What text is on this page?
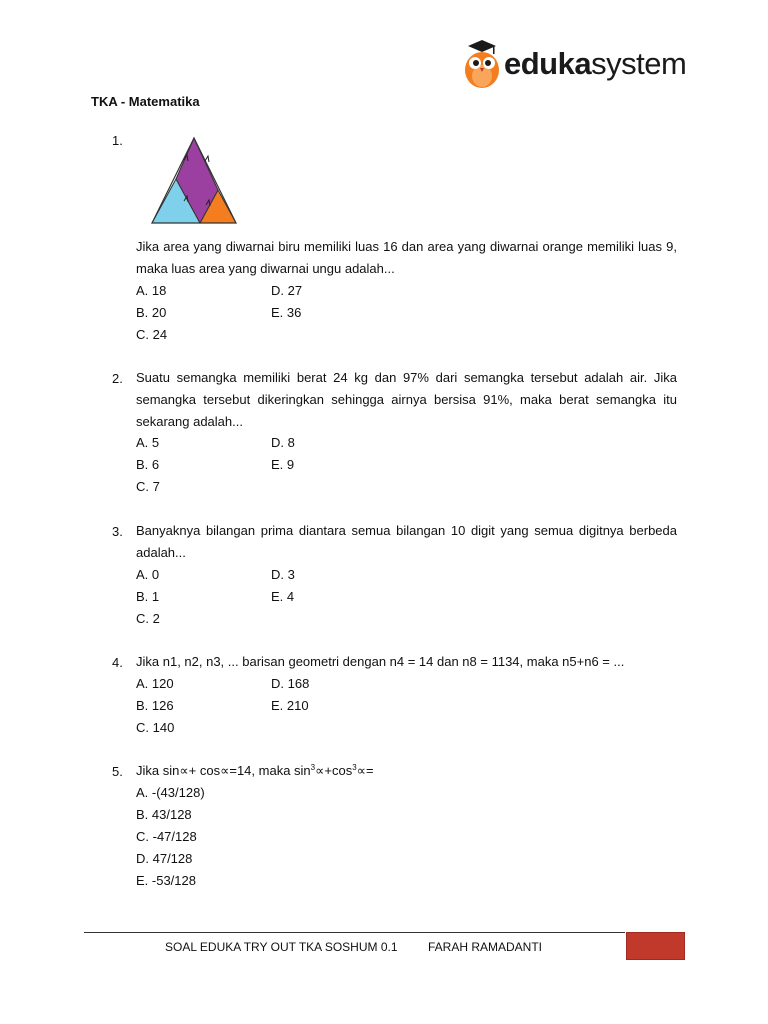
edukasystem
TKA - Matematika
1.
Jika area yang diwarnai biru memiliki luas 16 dan area yang diwarnai orange memiliki luas 9, maka luas area yang diwarnai ungu adalah...
A. 18	D. 27
B. 20	E. 36
C. 24
2. Suatu semangka memiliki berat 24 kg dan 97% dari semangka tersebut adalah air. Jika semangka tersebut dikeringkan sehingga airnya bersisa 91%, maka berat semangka itu sekarang adalah...
A. 5	D. 8
B. 6	E. 9
C. 7
3. Banyaknya bilangan prima diantara semua bilangan 10 digit yang semua digitnya berbeda adalah...
A. 0	D. 3
B. 1	E. 4
C. 2
4. Jika n1, n2, n3, ... barisan geometri dengan n4 = 14 dan n8 = 1134, maka n5+n6 = ...
A. 120	D. 168
B. 126	E. 210
C. 140
5. Jika sin∝+ cos∝=14, maka $\sin^3\propto+\cos^3\propto=$
A. -(43/128)
B. 43/128
C. -47/128
D. 47/128
E. -53/128
SOAL EDUKA TRY OUT TKA SOSHUM 0.1	FARAH RAMADANTI
